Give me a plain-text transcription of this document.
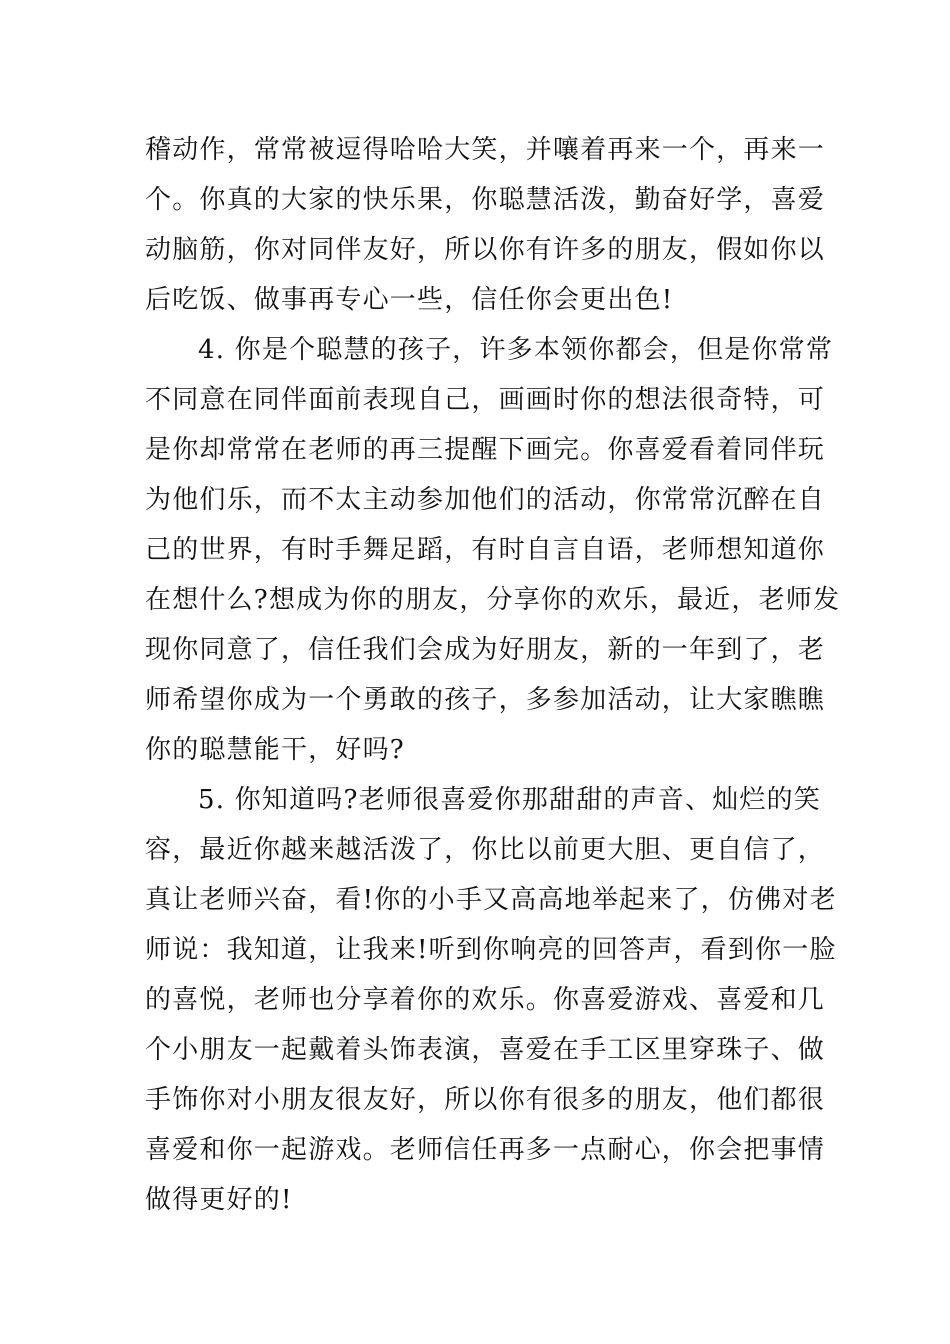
稽动作，常常被逗得哈哈大笑，并嚷着再来一个，再来一
个。你真的大家的快乐果，你聪慧活泼，勤奋好学，喜爱
动脑筋，你对同伴友好，所以你有许多的朋友，假如你以
后吃饭、做事再专心一些，信任你会更出色!
4. 你是个聪慧的孩子，许多本领你都会，但是你常常
不同意在同伴面前表现自己，画画时你的想法很奇特，可
是你却常常在老师的再三提醒下画完。你喜爱看着同伴玩
为他们乐，而不太主动参加他们的活动，你常常沉醉在自
己的世界，有时手舞足蹈，有时自言自语，老师想知道你
在想什么?想成为你的朋友，分享你的欢乐，最近，老师发
现你同意了，信任我们会成为好朋友，新的一年到了，老
师希望你成为一个勇敢的孩子，多参加活动，让大家瞧瞧
你的聪慧能干，好吗?
5. 你知道吗?老师很喜爱你那甜甜的声音、灿烂的笑
容，最近你越来越活泼了，你比以前更大胆、更自信了，
真让老师兴奋，看!你的小手又高高地举起来了，仿佛对老
师说：我知道，让我来!听到你响亮的回答声，看到你一脸
的喜悦，老师也分享着你的欢乐。你喜爱游戏、喜爱和几
个小朋友一起戴着头饰表演，喜爱在手工区里穿珠子、做
手饰你对小朋友很友好，所以你有很多的朋友，他们都很
喜爱和你一起游戏。老师信任再多一点耐心，你会把事情
做得更好的!
